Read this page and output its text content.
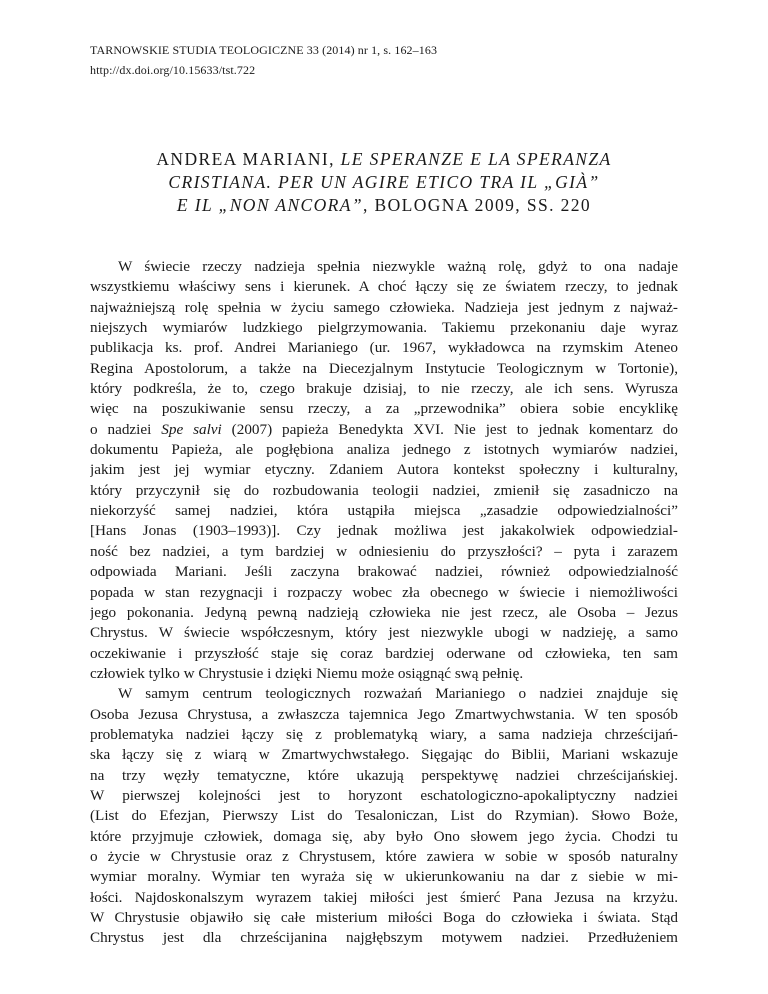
TARNOWSKIE STUDIA TEOLOGICZNE 33 (2014) nr 1, s. 162–163
http://dx.doi.org/10.15633/tst.722
ANDREA MARIANI, LE SPERANZE E LA SPERANZA
CRISTIANA. PER UN AGIRE ETICO TRA IL „GIÀ”
E IL „NON ANCORA”, BOLOGNA 2009, SS. 220
W świecie rzeczy nadzieja spełnia niezwykle ważną rolę, gdyż to ona nadaje
wszystkiemu właściwy sens i kierunek. A choć łączy się ze światem rzeczy, to jednak
najważniejszą rolę spełnia w życiu samego człowieka. Nadzieja jest jednym z najważ-
niejszych wymiarów ludzkiego pielgrzymowania. Takiemu przekonaniu daje wyraz
publikacja ks. prof. Andrei Marianiego (ur. 1967, wykładowca na rzymskim Ateneo
Regina Apostolorum, a także na Diecezjalnym Instytucie Teologicznym w Tortonie),
który podkreśla, że to, czego brakuje dzisiaj, to nie rzeczy, ale ich sens. Wyrusza
więc na poszukiwanie sensu rzeczy, a za „przewodnika” obiera sobie encyklikę
o nadziei Spe salvi (2007) papieża Benedykta XVI. Nie jest to jednak komentarz do
dokumentu Papieża, ale pogłębiona analiza jednego z istotnych wymiarów nadziei,
jakim jest jej wymiar etyczny. Zdaniem Autora kontekst społeczny i kulturalny,
który przyczynił się do rozbudowania teologii nadziei, zmienił się zasadniczo na
niekorzyść samej nadziei, która ustąpiła miejsca „zasadzie odpowiedzialności”
[Hans Jonas (1903–1993)]. Czy jednak możliwa jest jakakolwiek odpowiedzial-
ność bez nadziei, a tym bardziej w odniesieniu do przyszłości? – pyta i zarazem
odpowiada Mariani. Jeśli zaczyna brakować nadziei, również odpowiedzialność
popada w stan rezygnacji i rozpaczy wobec zła obecnego w świecie i niemożliwości
jego pokonania. Jedyną pewną nadzieją człowieka nie jest rzecz, ale Osoba – Jezus
Chrystus. W świecie współczesnym, który jest niezwykle ubogi w nadzieję, a samo
oczekiwanie i przyszłość staje się coraz bardziej oderwane od człowieka, ten sam
człowiek tylko w Chrystusie i dzięki Niemu może osiągnąć swą pełnię.
W samym centrum teologicznych rozważań Marianiego o nadziei znajduje się
Osoba Jezusa Chrystusa, a zwłaszcza tajemnica Jego Zmartwychwstania. W ten sposób
problematyka nadziei łączy się z problematyką wiary, a sama nadzieja chrześcijań-
ska łączy się z wiarą w Zmartwychwstałego. Sięgając do Biblii, Mariani wskazuje
na trzy węzły tematyczne, które ukazują perspektywę nadziei chrześcijańskiej.
W pierwszej kolejności jest to horyzont eschatologiczno-apokaliptyczny nadziei
(List do Efezjan, Pierwszy List do Tesaloniczan, List do Rzymian). Słowo Boże,
które przyjmuje człowiek, domaga się, aby było Ono słowem jego życia. Chodzi tu
o życie w Chrystusie oraz z Chrystusem, które zawiera w sobie w sposób naturalny
wymiar moralny. Wymiar ten wyraża się w ukierunkowaniu na dar z siebie w mi-
łości. Najdoskonalszym wyrazem takiej miłości jest śmierć Pana Jezusa na krzyżu.
W Chrystusie objawiło się całe misterium miłości Boga do człowieka i świata. Stąd
Chrystus jest dla chrześcijanina najgłębszym motywem nadziei. Przedłużeniem
